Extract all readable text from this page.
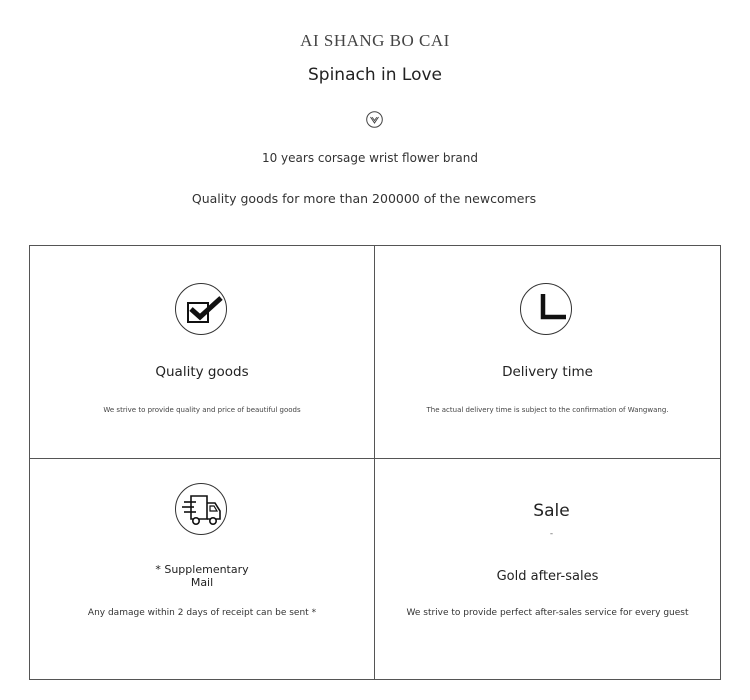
AI SHANG BO CAI
Spinach in Love
10 years corsage wrist flower brand
Quality goods for more than 200000 of the newcomers
Quality goods
We strive to provide quality and price of beautiful goods
Delivery time
The actual delivery time is subject to the confirmation of Wangwang.
* Supplementary
Mail
Any damage within 2 days of receipt can be sent *
Sale
-
Gold after-sales
We strive to provide perfect after-sales service for every guest
